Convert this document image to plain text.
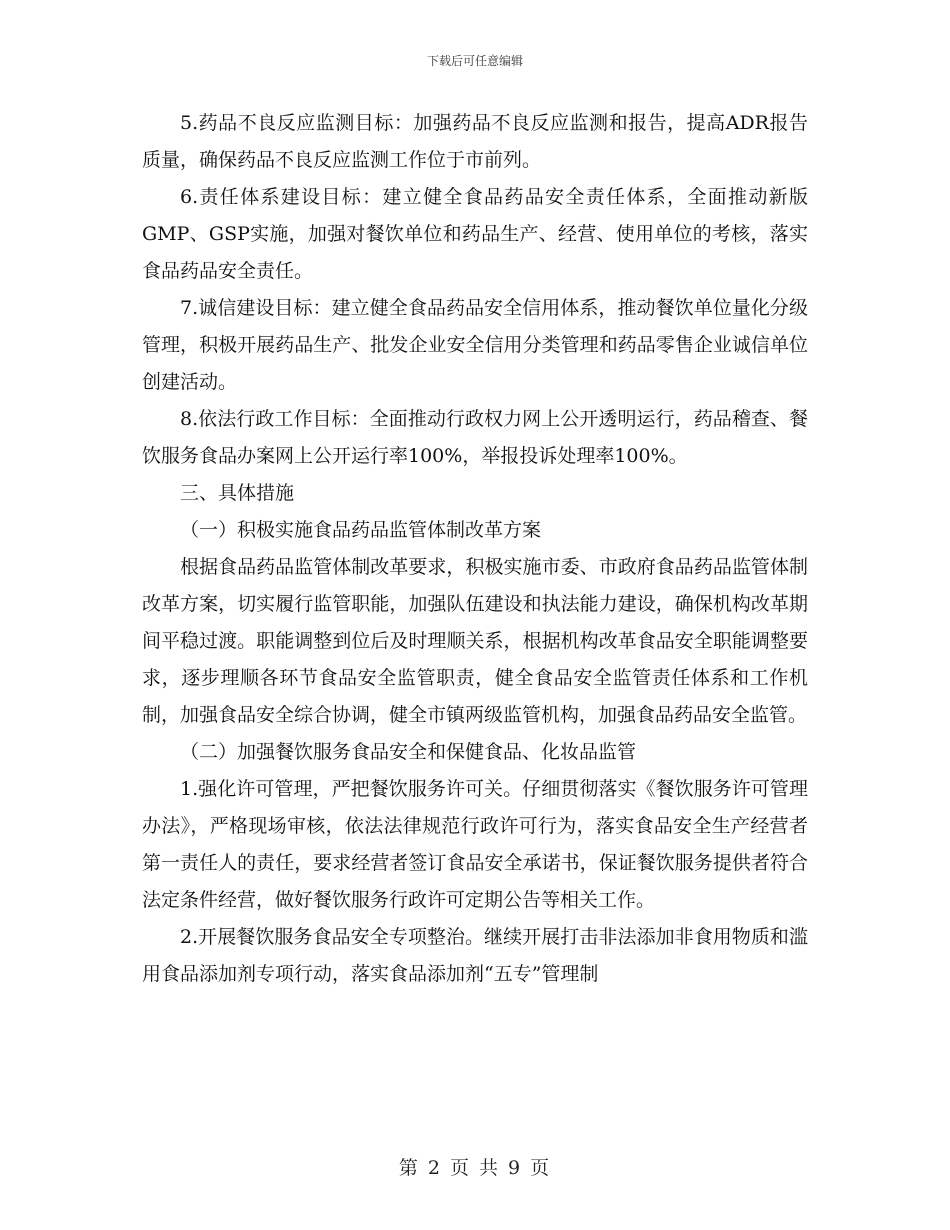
下载后可任意编辑

5.药品不良反应监测目标：加强药品不良反应监测和报告，提高ADR报告质量，确保药品不良反应监测工作位于市前列。

6.责任体系建设目标：建立健全食品药品安全责任体系，全面推动新版GMP、GSP实施，加强对餐饮单位和药品生产、经营、使用单位的考核，落实食品药品安全责任。

7.诚信建设目标：建立健全食品药品安全信用体系，推动餐饮单位量化分级管理，积极开展药品生产、批发企业安全信用分类管理和药品零售企业诚信单位创建活动。

8.依法行政工作目标：全面推动行政权力网上公开透明运行，药品稽查、餐饮服务食品办案网上公开运行率100%，举报投诉处理率100%。

三、具体措施

（一）积极实施食品药品监管体制改革方案

根据食品药品监管体制改革要求，积极实施市委、市政府食品药品监管体制改革方案，切实履行监管职能，加强队伍建设和执法能力建设，确保机构改革期间平稳过渡。职能调整到位后及时理顺关系，根据机构改革食品安全职能调整要求，逐步理顺各环节食品安全监管职责，健全食品安全监管责任体系和工作机制，加强食品安全综合协调，健全市镇两级监管机构，加强食品药品安全监管。

（二）加强餐饮服务食品安全和保健食品、化妆品监管

1.强化许可管理，严把餐饮服务许可关。仔细贯彻落实《餐饮服务许可管理办法》，严格现场审核，依法法律规范行政许可行为，落实食品安全生产经营者第一责任人的责任，要求经营者签订食品安全承诺书，保证餐饮服务提供者符合法定条件经营，做好餐饮服务行政许可定期公告等相关工作。

2.开展餐饮服务食品安全专项整治。继续开展打击非法添加非食用物质和滥用食品添加剂专项行动，落实食品添加剂“五专”管理制

第 2 页 共 9 页
